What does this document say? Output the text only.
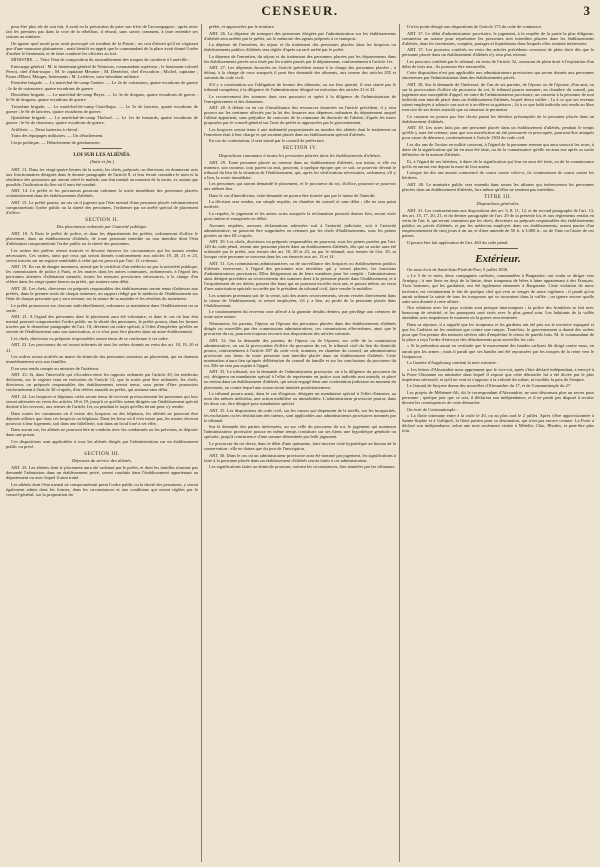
CENSEUR.	3

pour être plus sûr de son fait, il avait eu la précaution de prier son frère de l'accompagner ; après avoir fait les premiers pas dans la voie de la rébellion, il réussit, sans savoir comment, à faire entendre ses raisons au ministre.

On ignore quel motif pour avait provoqué cet incident de la Pointe ; on crut d'abord qu'il ne s'agissait que d'une mauvaise plaisanterie ; mais bientôt on apprit que le commandant de la place avait donné l'ordre d'arrêter le lieutenant, et de faire conduire les officiers au fort.

MINISTRE. — Voici l'état de composition du rassemblement des troupes de cavalerie à Lunéville :

Entourage général : M. le lieutenant-général de Nemours, commandant supérieur ; le lieutenant-colonel Perrot, chef d'état-major ; M. le capitaine Meunier ; M. Denéchet, chef d'escadron ; Michel, capitaine ; Faure d'Ebert, Mauger, lieutenants ; M. Lefebvre, sous-intendant militaire.

Première brigade. — Le maréchal-de-camp Gautier. — Le 2e de cuirassiers, quatre escadrons de guerre ; le 4e de cuirassiers, quatre escadrons de guerre.

Deuxième brigade. — Le maréchal-de-camp Beyer. — Le 3e de dragons, quatre escadrons de guerre ; le 9e de dragons, quatre escadrons de guerre.

Troisième brigade. — Le maréchal-de-camp Castelbajac. — Le 5e de lanciers, quatre escadrons de guerre ; le 8e de lanciers, quatre escadrons de guerre.

Quatrième brigade. — Le maréchal-de-camp Tholozé. — Le 1er de hussards, quatre escadrons de guerre ; le 6e de chasseurs, quatre escadrons de guerre.

Artillerie. — Deux batteries à cheval.

Train des équipages militaires. — Un détachement.

Corps politique. — Détachement de gendarmerie.

LOI SUR LES ALIÉNÉS.
(Suite et fin.)

ART. 13. Dans les vingt-quatre heures de la sortie, les chefs, préposés ou directeurs en donneront avis aux fonctionnaires désignés dans le dernier paragraphe de l'article 8, et leur feront connaître le nom et la résidence des personnes qui auront retiré le malade, son état mental au moment de la sortie, et, autant que possible, l'indication du lieu où il aura été conduit.

ART. 14. Le préfet et les procureurs pourront ordonner la sortie immédiate des personnes placées volontairement dans les établissements d'aliénés.

ART. 15. Le préfet pourra, au cas où il jugerait que l'état mental d'une personne placée volontairement compromettrait l'ordre public ou la sûreté des personnes, l'ordonner par un arrêté spécial de placement d'office.

SECTION II.
Des placements ordonnés par l'autorité publique.

ART. 18. A Paris le préfet de police, et dans les départements les préfets, ordonneront d'office le placement, dans un établissement d'aliénés, de toute personne interdite ou non interdite dont l'état d'aliénation compromettrait l'ordre public ou la sûreté des personnes.

Les ordres des préfets seront motivés et devront énoncer les circonstances qui les auront rendus nécessaires. Ces ordres, ainsi que ceux qui seront donnés conformément aux articles 19, 20, 21 et 23, seront inscrits sur un registre semblable à celui qui est prescrit par l'art. 12 ci-dessus.

ART. 19. En cas de danger imminent, attesté par le certificat d'un médecin ou par la notoriété publique, les commissaires de police à Paris, et les maires dans les autres communes, ordonneront, à l'égard des personnes atteintes d'aliénation mentale, toutes les mesures provisoires nécessaires, à la charge d'en référer dans les vingt-quatre heures au préfet, qui statuera sans délai.

ART. 20. Les chefs, directeurs ou préposés responsables des établissements seront tenus d'adresser aux préfets, dans le premier mois de chaque semestre, un rapport rédigé par le médecin de l'établissement sur l'état de chaque personne qui y sera retenue, sur la nature de sa maladie et les résultats du traitement.

Le préfet prononcera sur chacune individuellement, ordonnera sa maintenue dans l'établissement ou sa sortie.

ART. 21. A l'égard des personnes dont le placement aura été volontaire, et dans le cas où leur état mental pourrait compromettre l'ordre public ou la sûreté des personnes, le préfet pourra, dans les formes tracées par le deuxième paragraphe de l'art. 18, décerner un ordre spécial, à l'effet d'empêcher qu'elles ne sortent de l'établissement sans son autorisation, si ce n'est pour être placées dans un autre établissement.

Les chefs, directeurs ou préposés responsables seront tenus de se conformer à cet ordre.

ART. 22. Les procureurs du roi seront informés de tous les ordres donnés en vertu des art. 18, 19, 20 et 21.

Ces ordres seront notifiés au maire du domicile des personnes soumises au placement, qui en donnera immédiatement avis aux familles.

Il en sera rendu compte au ministre de l'intérieur.

ART. 23. Si, dans l'intervalle qui s'écoulera entre les rapports ordonnés par l'article 20, les médecins déclarent, sur le registre tenu en exécution de l'article 12, que la sortie peut être ordonnée, les chefs, directeurs ou préposés responsables des établissements seront tenus, sous peine d'être poursuivis conformément à l'article 30 ci-après, d'en référer aussitôt au préfet, qui statuera sans délai.

ART. 24. Les hospices et hôpitaux civils seront tenus de recevoir provisoirement les personnes qui leur seront adressées en vertu des articles 18 et 19, jusqu'à ce qu'elles soient dirigées sur l'établissement spécial destiné à les recevoir, aux termes de l'article 1er, ou pendant le trajet qu'elles feront pour s'y rendre.

Dans toutes les communes où il existe des hospices ou des hôpitaux, les aliénés ne pourront être déposés ailleurs que dans ces hospices ou hôpitaux. Dans les lieux où il n'en existe pas, les maires devront pourvoir à leur logement, soit dans une hôtellerie, soit dans un local loué à cet effet.

Dans aucun cas, les aliénés ne pourront être ni conduits avec les condamnés ou les prévenus, ni déposés dans une prison.

Ces dispositions sont applicables à tous les aliénés dirigés par l'administration sur un établissement public ou privé.

SECTION III.
Dépenses du service des aliénés.

ART. 25. Les aliénés dont le placement aura été ordonné par le préfet, et dont les familles n'auront pas demandé l'admission dans un établissement privé, seront conduits dans l'établissement appartenant au département ou avec lequel il aura traité.

Les aliénés dont l'état mental ne compromettrait point l'ordre public ou la sûreté des personnes, y seront également admis dans les formes, dans les circonstances et aux conditions qui seront réglées par le conseil-général, sur la proposition du

préfet, et approuvées par le ministre.

ART. 26. La dépense du transport des personnes dirigées par l'administration sur les établissements d'aliénés sera arrêtée par le préfet, sur le mémoire des agents préposés à ce transport.

La dépense de l'entretien, du séjour et du traitement des personnes placées dans les hospices ou établissements publics d'aliénés sera réglée d'après un tarif arrêté par le préfet.

La dépense de l'entretien, du séjour et du traitement des personnes placées par les départements dans les établissements privés sera fixée par les traités passés par le département, conformément à l'article 1er.

ART. 27. Les dépenses énoncées en l'article précédent seront à la charge des personnes placées ; à défaut, à la charge de ceux auxquels il peut être demandé des aliments, aux termes des articles 205 et suivants du code civil.

S'il y a contestation sur l'obligation de fournir des aliments, ou sur leur quotité, il sera statué par le tribunal compétent, à la diligence de l'administrateur désigné en exécution des articles 31 et 32.

Le recouvrement des sommes dues sera poursuivi et opéré à la diligence de l'administration de l'enregistrement et des domaines.

ART. 28. A défaut ou en cas d'insuffisance des ressources énoncées en l'article précédent, il y sera pourvu sur les centimes affectés par la loi des finances aux dépenses ordinaires du département auquel l'aliéné appartient, sans préjudice du concours de la commune du domicile de l'aliéné, d'après les bases proposées par le conseil-général sur l'avis du préfet et approuvées par le gouvernement.

Les hospices seront tenus à une indemnité proportionnée au nombre des aliénés dont le traitement ou l'entretien était à leur charge et qui seraient placés dans un établissement spécial d'aliénés.

En cas de contestation, il sera statué par le conseil de préfecture.

SECTION IV.
Dispositions communes à toutes les personnes placées dans les établissements d'aliénés.

ART. 29. Toute personne placée ou retenue dans un établissement d'aliénés, son tuteur, si elle est mineure, son curateur, tout parent ou ami, pourront, à quelque époque que ce soit, se pourvoir devant le tribunal du lieu de la situation de l'établissement, qui, après les vérifications nécessaires, ordonnera, s'il y a lieu, la sortie immédiate.

Les personnes qui auront demandé le placement, et le procureur du roi, d'office, pourront se pourvoir aux mêmes fins.

Dans le cas d'interdiction, cette demande ne pourra être formée que par le tuteur de l'interdit.

La décision sera rendue, sur simple requête, en chambre du conseil et sans délai ; elle ne sera point motivée.

La requête, le jugement et les autres actes auxquels la réclamation pourrait donner lieu, seront visés pour timbre et enregistrés en débet.

Aucunes requêtes, aucunes réclamations adressées soit à l'autorité judiciaire, soit à l'autorité administrative, ne pourront être supprimées ou retenues par les chefs d'établissements, sous les peines portées au titre III ci-après.

ART. 30. Les chefs, directeurs ou préposés responsables ne pourront, sous les peines portées par l'art. 120 du code pénal, retenir une personne placée dans un établissement d'aliénés, dès que sa sortie aura été ordonnée par le préfet, aux termes des art. 16, 20 et 23, ou par le tribunal, aux termes de l'art. 29, ni lorsque cette personne se trouvera dans les cas énoncés aux art. 13 et 14.

ART. 31. Les commissions administratives ou de surveillance des hospices ou établissements publics d'aliénés exerceront, à l'égard des personnes non interdites qui y seront placées, les fonctions d'administrateurs provisoires. Elles désigneront un de leurs membres pour les remplir : l'administrateur ainsi désigné procédera au recouvrement des sommes dues à la personne placée dans l'établissement, et à l'acquittement de ses dettes, passera des baux qui ne pourront excéder trois ans, et pourra même, en vertu d'une autorisation spéciale accordée par le président du tribunal civil, faire vendre le mobilier.

Les sommes provenant soit de la vente, soit des autres recouvrements, seront versées directement dans la caisse de l'établissement, et seront employées, s'il y a lieu, au profit de la personne placée dans l'établissement.

Le cautionnement du receveur sera affecté à la garantie desdits deniers, par privilège aux créances de toute autre nature.

Néanmoins, les parents, l'époux ou l'épouse des personnes placées dans des établissements d'aliénés dirigés ou surveillés par des commissions administratives, ces commissions elles-mêmes, ainsi que le procureur du roi, pourront toujours recourir aux dispositions des articles suivants.

ART. 32. Sur la demande des parents, de l'époux ou de l'épouse, sur celle de la commission administrative, ou sur la provocation d'office du procureur du roi, le tribunal civil du lieu du domicile pourra, conformément à l'article 497 du code civil, nommer, en chambre du conseil, un administrateur provisoire aux biens de toute personne non interdite placée dans un établissement d'aliénés. Cette nomination n'aura lieu qu'après délibération du conseil de famille et sur les conclusions du procureur du roi. Elle ne sera pas sujette à l'appel.

ART. 33. Le tribunal, sur la demande de l'administrateur provisoire, ou à la diligence du procureur du roi, désignera un mandataire spécial à l'effet de représenter en justice tout individu non interdit, et placé ou retenu dans un établissement d'aliénés, qui serait engagé dans une contestation judiciaire au moment du placement, ou contre lequel une action serait intentée postérieurement.

Le tribunal pourra aussi, dans le cas d'urgence, désigner un mandataire spécial à l'effet d'intenter, au nom des mêmes individus, une action mobilière ou immobilière. L'administrateur provisoire pourra, dans les deux cas, être désigné pour mandataire spécial.

ART. 35. Les dispositions du code civil, sur les causes qui dispensent de la tutelle, sur les incapacités, les exclusions ou les destitutions des tuteurs, sont applicables aux administrateurs provisoires nommés par le tribunal.

Sur la demande des parties intéressées, ou sur celle du procureur du roi, le jugement qui nommera l'administrateur provisoire pourra en même temps constituer sur ses biens une hypothèque générale ou spéciale, jusqu'à concurrence d'une somme déterminée par ledit jugement.

Le procureur du roi devra, dans le délai d'une quinzaine, faire inscrire cette hypothèque au bureau de la conservation : elle ne datera que du jour de l'inscription.

ART. 36. Dans le cas où un administrateur provisoire aura été nommé par jugement, les significations à faire à la personne placée dans un établissement d'aliénés seront faites à cet administrateur.

Les significations faites au domicile pourront, suivant les circonstances, être annulées par les tribunaux.

Il n'est point dérogé aux dispositions de l'article 173 du code de commerce.

ART. 37. Le délai d'administrateur provisoire, le jugement, à la requête de la partie la plus diligente, commettra un notaire pour représenter les personnes non interdites placées dans les établissements d'aliénés, dans les inventaires, comptes, partages et liquidations dans lesquels elles seraient intéressées.

ART. 37. Les pouvoirs conférés en vertu des articles précédents cesseront de plein droit dès que la personne placée dans un établissement d'aliénés n'y sera plus retenue.

Les pouvoirs conférés par le tribunal, en vertu de l'article 32, cesseront de plein droit à l'expiration d'un délai de trois ans : ils pourront être renouvelés.

Cette disposition n'est pas applicable aux administrateurs provisoires qui seront donnés aux personnes entretenues par l'administration dans des établissements privés.

ART. 38. Sur la demande de l'intéressé, de l'un de ses parents, de l'époux ou de l'épouse, d'un ami, ou sur la provocation d'office du procureur du roi, le tribunal pourra nommer, en chambre du conseil, par jugement non susceptible d'appel, en outre de l'administrateur provisoire, un curateur à la personne de tout individu non interdit placé dans un établissement d'aliénés, lequel devra veiller : 1o à ce que ses revenus soient employés à adoucir son sort et à accélérer sa guérison ; 2o à ce que ledit individu soit rendu au libre exercice de ses droits aussitôt que sa situation le permettra.

Ce curateur ne pourra pas être choisi parmi les héritiers présomptifs de la personne placée dans un établissement d'aliénés.

ART. 39. Les actes faits par une personne placée dans un établissement d'aliénés, pendant le temps qu'elle y aura été retenue, sans que son interdiction ait été prononcée ni provoquée, pourront être attaqués pour cause de démence, conformément à l'article 1304 du code civil.

Les dix ans de l'action en nullité courront, à l'égard de la personne retenue qui aura souscrit les actes, à dater de la signification qui lui en aura été faite, ou de la connaissance qu'elle en aura eue après sa sortie définitive de la maison d'aliénés.

Et, à l'égard de ses héritiers, à dater de la signification qui leur en aura été faite, ou de la connaissance qu'ils en auront eue depuis la mort de leur auteur.

Lorsque les dix ans auront commencé de courir contre celui-ci, ils continueront de courir contre les héritiers.

ART. 40. Le ministère public sera entendu dans toutes les affaires qui intéresseront les personnes placées dans un établissement d'aliénés, lors même qu'elles ne seraient pas interdites.

TITRE III.
Dispositions générales.

ART. 41. Les contraventions aux dispositions des art. 5, 8, 11, 12, et du second paragraphe de l'art. 13, des art. 15, 17, 20, 21, et du dernier paragraphe de l'art. 29 de la présente loi, et aux règlements rendus en vertu de l'art. 6, qui seront commises par les chefs, directeurs ou préposés responsables des établissements publics ou privés d'aliénés, et par les médecins employés dans ces établissements, seront punies d'un emprisonnement de cinq jours à un an, et d'une amende de 50 fr. à 3,000 fr., ou de l'une ou l'autre de ces peines.

Il pourra être fait application de l'art. 463 du code pénal.

Extérieur.

On nous écrit de Saint-Jean-Pied-de-Port, 9 juillet 1838.

« Le 5 de ce mois, deux compagnies carlistes, commandées à Bargasette, ont voulu se diriger vers Arnéguy ; à une lieue en deçà de la limite, deux troupeaux de bêtes à laine appartenant à des Français. Trois hommes, qui les gardaient, ont été également emmenés à Bargasette. Cette violation de notre territoire, est certainement le fait de quelque chef qui veut se venger de notre vigilance ; il paraît qu'on aurait ordonné la saisie de tous les troupeaux qui se trouvaient dans la vallée ; on ignore encore quelle suite sera donnée à cette affaire.

Nos relations avec les pays voisins sont presque interrompues ; la police des frontières se fait avec beaucoup de sévérité, et les passeports sont visés avec le plus grand soin. Les habitants de la vallée attendent avec impatience le moment où la guerre sera terminée.

Dans sa réponse, il a rappelé que les troupeaux et les gardiens ont été pris sur le territoire espagnol et que les Carlistes ne les rendront que contre une rançon. Toutefois, le gouvernement a donné des ordres pour que l'on prenne des mesures sévères afin d'empêcher le retour de pareils faits. M. le commandant de la place a reçu l'ordre d'envoyer des détachements pour surveiller les cols.

« Si la prétention aurait eu certitude que le mouvement des bandes carlistes fût dirigé contre nous, on aurait pris les armes ; mais il paraît que ces bandes ont été repoussées par les troupes de la reine vers le Guipuzcoa.

La Gazette d'Augsbourg contient la note suivante :

« Les lettres d'Alexandrie nous apprennent que le vice-roi, après s'être déclaré indépendant, a envoyé à la Porte Ottomane un ministère dans lequel il expose que cette démarche lui a été dictée par le plus impérieux nécessité, et qu'il ne veut ni s'opposer à la volonté du sultan, ni troubler la paix de l'empire.

Le Journal de Smyrne donne des nouvelles d'Alexandrie du 17, et de Constantinople du 27.

Les projets de Méhémet-Ali, dit le correspondant d'Alexandrie, ne sont désormais plus un secret pour personne ; quelque jour que ce soit, il déclarera son indépendance, et il ne paraît pas disposé à reculer devant les conséquences de cette démarche.

On écrit de Constantinople :

« La flotte ottomane entre à la voile le 20, ou au plus tard le 2 juillet. Après s'être approvisionnée à Sainte-Sophie et à Gallipoli, la flotte partira pour sa destination, qui n'est pas encore connue. La Porte a déclaré son indépendance, selon une note seulement visitée à Mételin, Chio, Rhodes, et peut-être plus loin.
